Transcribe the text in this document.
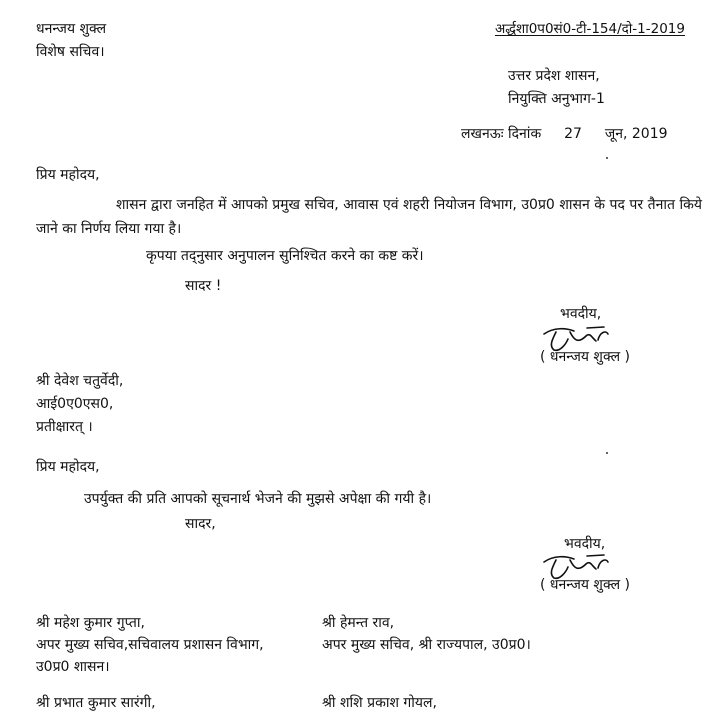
धनन्जय शुक्ल
विशेष सचिव।
अर्द्धशा0प0सं0-टी-154/दो-1-2019
उत्तर प्रदेश शासन,
नियुक्ति अनुभाग-1
लखनऊः दिनांक 27 जून, 2019
प्रिय महोदय,
शासन द्वारा जनहित में आपको प्रमुख सचिव, आवास एवं शहरी नियोजन विभाग, उ0प्र0 शासन के पद पर तैनात किये जाने का निर्णय लिया गया है।
कृपया तद्नुसार अनुपालन सुनिश्चित करने का कष्ट करें।
सादर !
भवदीय,
( धनन्जय शुक्ल )
श्री देवेश चतुर्वेदी,
आई0ए0एस0,
प्रतीक्षारत् ।
प्रिय महोदय,
उपर्युक्त की प्रति आपको सूचनार्थ भेजने की मुझसे अपेक्षा की गयी है।
सादर,
भवदीय,
( धनन्जय शुक्ल )
श्री महेश कुमार गुप्ता,
अपर मुख्य सचिव,सचिवालय प्रशासन विभाग,
उ0प्र0 शासन।
श्री हेमन्त राव,
अपर मुख्य सचिव, श्री राज्यपाल, उ0प्र0।
श्री प्रभात कुमार सारंगी,	श्री शशि प्रकाश गोयल,
